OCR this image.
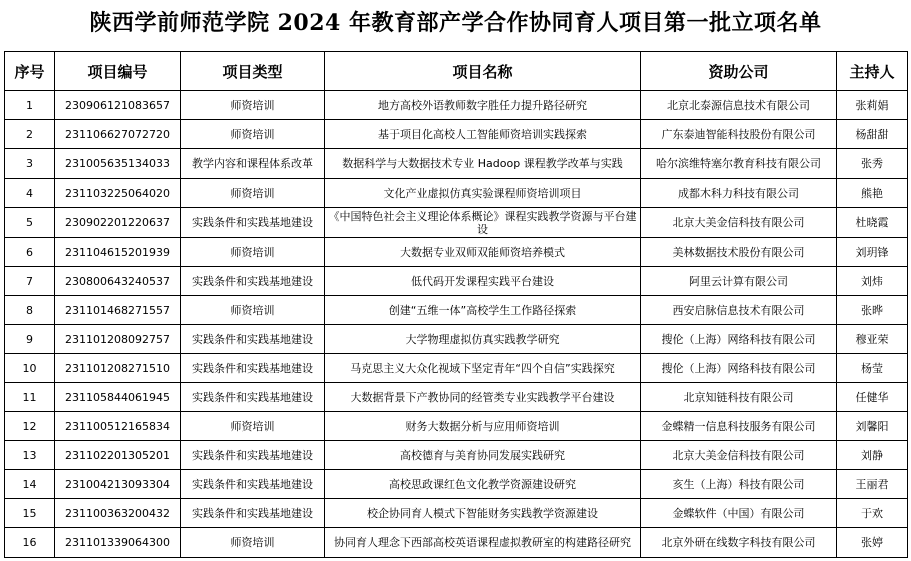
陕西学前师范学院 2024 年教育部产学合作协同育人项目第一批立项名单
序号	项目编号	项目类型	项目名称	资助公司	主持人
1	230906121083657	师资培训	地方高校外语教师数字胜任力提升路径研究	北京北泰源信息技术有限公司	张莉娟
2	231106627072720	师资培训	基于项目化高校人工智能师资培训实践探索	广东泰迪智能科技股份有限公司	杨甜甜
3	231005635134033	教学内容和课程体系改革	数据科学与大数据技术专业 Hadoop 课程教学改革与实践	哈尔滨维特塞尔教育科技有限公司	张秀
4	231103225064020	师资培训	文化产业虚拟仿真实验课程师资培训项目	成都木科力科技有限公司	熊艳
5	230902201220637	实践条件和实践基地建设	《中国特色社会主义理论体系概论》课程实践教学资源与平台建设	北京大美金信科技有限公司	杜晓霞
6	231104615201939	师资培训	大数据专业双师双能师资培养模式	美林数据技术股份有限公司	刘玥锋
7	230800643240537	实践条件和实践基地建设	低代码开发课程实践平台建设	阿里云计算有限公司	刘炜
8	231101468271557	师资培训	创建“五维一体”高校学生工作路径探索	西安启脉信息技术有限公司	张晔
9	231101208092757	实践条件和实践基地建设	大学物理虚拟仿真实践教学研究	搜伦（上海）网络科技有限公司	穆亚荣
10	231101208271510	实践条件和实践基地建设	马克思主义大众化视域下坚定青年“四个自信”实践探究	搜伦（上海）网络科技有限公司	杨莹
11	231105844061945	实践条件和实践基地建设	大数据背景下产教协同的经管类专业实践教学平台建设	北京知链科技有限公司	任健华
12	231100512165834	师资培训	财务大数据分析与应用师资培训	金蝶精一信息科技服务有限公司	刘馨阳
13	231102201305201	实践条件和实践基地建设	高校德育与美育协同发展实践研究	北京大美金信科技有限公司	刘静
14	231004213093304	实践条件和实践基地建设	高校思政课红色文化教学资源建设研究	亥生（上海）科技有限公司	王丽君
15	231100363200432	实践条件和实践基地建设	校企协同育人模式下智能财务实践教学资源建设	金蝶软件（中国）有限公司	于欢
16	231101339064300	师资培训	协同育人理念下西部高校英语课程虚拟教研室的构建路径研究	北京外研在线数字科技有限公司	张婷
